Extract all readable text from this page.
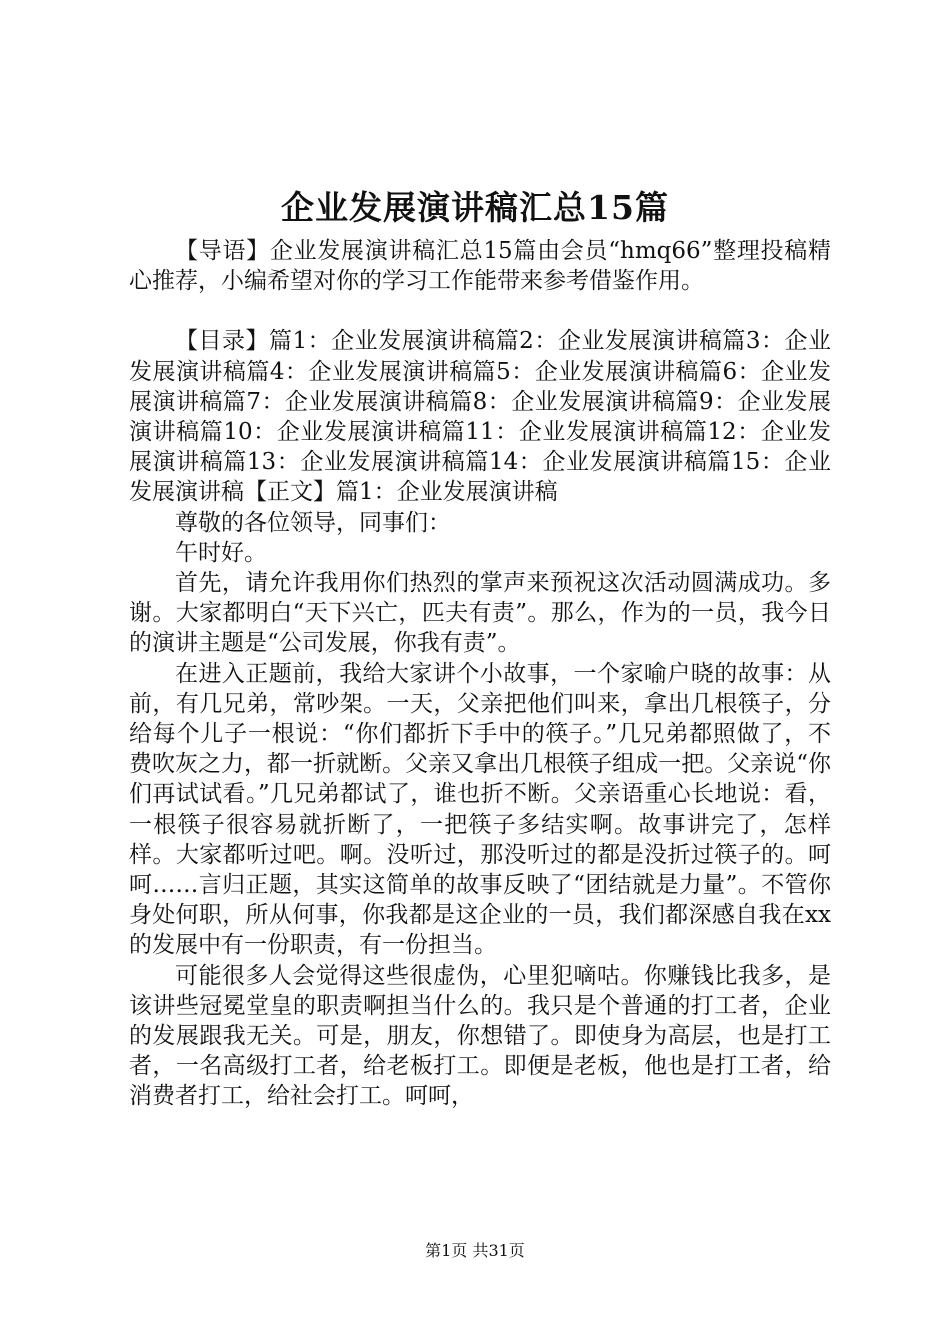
企业发展演讲稿汇总15篇

【导语】企业发展演讲稿汇总15篇由会员“hmq66”整理投稿精心推荐，小编希望对你的学习工作能带来参考借鉴作用。

【目录】篇1：企业发展演讲稿篇2：企业发展演讲稿篇3：企业发展演讲稿篇4：企业发展演讲稿篇5：企业发展演讲稿篇6：企业发展演讲稿篇7：企业发展演讲稿篇8：企业发展演讲稿篇9：企业发展演讲稿篇10：企业发展演讲稿篇11：企业发展演讲稿篇12：企业发展演讲稿篇13：企业发展演讲稿篇14：企业发展演讲稿篇15：企业发展演讲稿【正文】篇1：企业发展演讲稿

尊敬的各位领导，同事们：

午时好。

首先，请允许我用你们热烈的掌声来预祝这次活动圆满成功。多谢。大家都明白“天下兴亡，匹夫有责”。那么，作为的一员，我今日的演讲主题是“公司发展，你我有责”。

在进入正题前，我给大家讲个小故事，一个家喻户晓的故事：从前，有几兄弟，常吵架。一天，父亲把他们叫来，拿出几根筷子，分给每个儿子一根说：“你们都折下手中的筷子。”几兄弟都照做了，不费吹灰之力，都一折就断。父亲又拿出几根筷子组成一把。父亲说“你们再试试看。”几兄弟都试了，谁也折不断。父亲语重心长地说：看，一根筷子很容易就折断了，一把筷子多结实啊。故事讲完了，怎样样。大家都听过吧。啊。没听过，那没听过的都是没折过筷子的。呵呵……言归正题，其实这简单的故事反映了“团结就是力量”。不管你身处何职，所从何事，你我都是这企业的一员，我们都深感自我在xx的发展中有一份职责，有一份担当。

可能很多人会觉得这些很虚伪，心里犯嘀咕。你赚钱比我多，是该讲些冠冕堂皇的职责啊担当什么的。我只是个普通的打工者，企业的发展跟我无关。可是，朋友，你想错了。即使身为高层，也是打工者，一名高级打工者，给老板打工。即便是老板，他也是打工者，给消费者打工，给社会打工。呵呵，

第1页 共31页
